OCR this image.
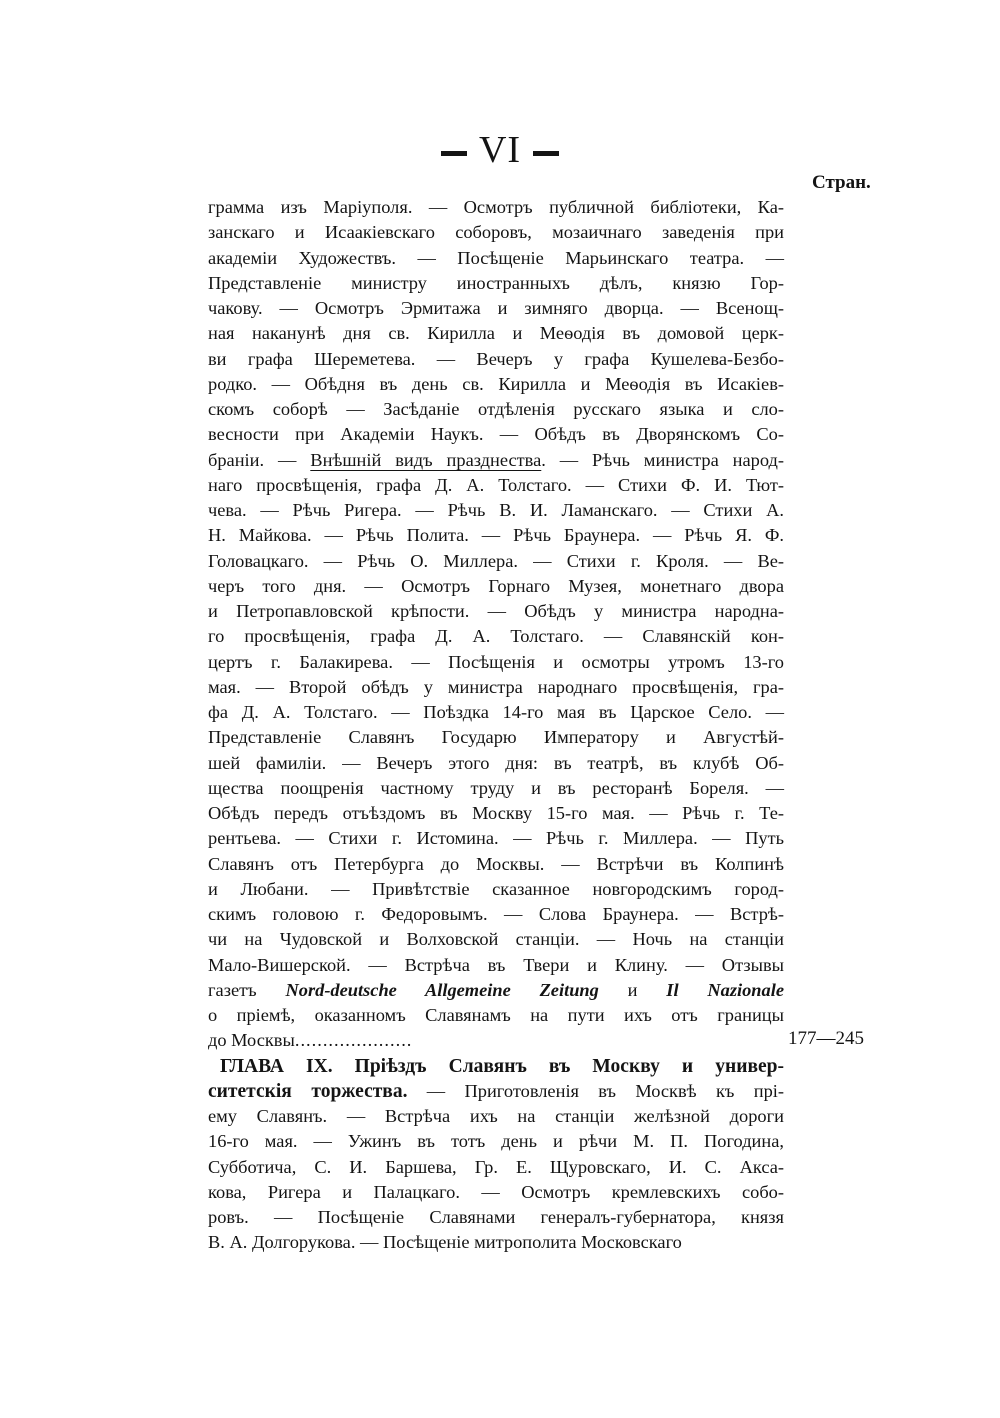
VI
Стран.
грамма изъ Маріуполя. — Осмотръ публичной библіотеки, Ка-
занскаго и Исаакіевскаго соборовъ, мозаичнаго заведенія при
академіи Художествъ. — Посѣщеніе Марьинскаго театра. —
Представленіе министру иностранныхъ дѣлъ, князю Гор-
чакову. — Осмотръ Эрмитажа и зимняго дворца. — Всенощ-
ная наканунѣ дня св. Кирилла и Меѳодія въ домовой церк-
ви графа Шереметева. — Вечеръ у графа Кушелева-Безбо-
родко. — Обѣдня въ день св. Кирилла и Меѳодія въ Исакіев-
скомъ соборѣ — Засѣданіе отдѣленія русскаго языка и сло-
весности при Академіи Наукъ. — Обѣдъ въ Дворянскомъ Со-
браніи. — Внѣшній видъ празднества. — Рѣчь министра народ-
наго просвѣщенія, графа Д. А. Толстаго. — Стихи Ф. И. Тют-
чева. — Рѣчь Ригера. — Рѣчь В. И. Ламанскаго. — Стихи А.
Н. Майкова. — Рѣчь Полита. — Рѣчь Браунера. — Рѣчь Я. Ф.
Головацкаго. — Рѣчь О. Миллера. — Стихи г. Кроля. — Ве-
черъ того дня. — Осмотръ Горнаго Музея, монетнаго двора
и Петропавловской крѣпости. — Обѣдъ у министра народна-
го просвѣщенія, графа Д. А. Толстаго. — Славянскій кон-
цертъ г. Балакирева. — Посѣщенія и осмотры утромъ 13-го
мая. — Второй обѣдъ у министра народнаго просвѣщенія, гра-
фа Д. А. Толстаго. — Поѣздка 14-го мая въ Царское Село. —
Представленіе Славянъ Государю Императору и Августѣй-
шей фамиліи. — Вечеръ этого дня: въ театрѣ, въ клубѣ Об-
щества поощренія частному труду и въ ресторанѣ Бореля. —
Обѣдъ передъ отъѣздомъ въ Москву 15-го мая. — Рѣчь г. Те-
рентьева. — Стихи г. Истомина. — Рѣчь г. Миллера. — Путь
Славянъ отъ Петербурга до Москвы. — Встрѣчи въ Колпинѣ
и Любани. — Привѣтствіе сказанное новгородскимъ город-
скимъ головою г. Федоровымъ. — Слова Браунера. — Встрѣ-
чи на Чудовской и Волховской станціи. — Ночь на станціи
Мало-Вишерской. — Встрѣча въ Твери и Клину. — Отзывы
газетъ Nord-deutsche Allgemeine Zeitung и Il Nazionale
о пріемѣ, оказанномъ Славянамъ на пути ихъ отъ границы
до Москвы.....................
ГЛАВА IX. Пріѣздъ Славянъ въ Москву и универ-
ситетскія торжества. — Приготовленія въ Москвѣ къ прі-
ему Славянъ. — Встрѣча ихъ на станціи желѣзной дороги
16-го мая. — Ужинъ въ тотъ день и рѣчи М. П. Погодина,
Субботича, С. И. Баршева, Гр. Е. Щуровскаго, И. С. Акса-
кова, Ригера и Палацкаго. — Осмотръ кремлевскихъ собо-
ровъ. — Посѣщеніе Славянами генералъ-губернатора, князя
В. А. Долгорукова. — Посѣщеніе митрополита Московскаго
177—245
